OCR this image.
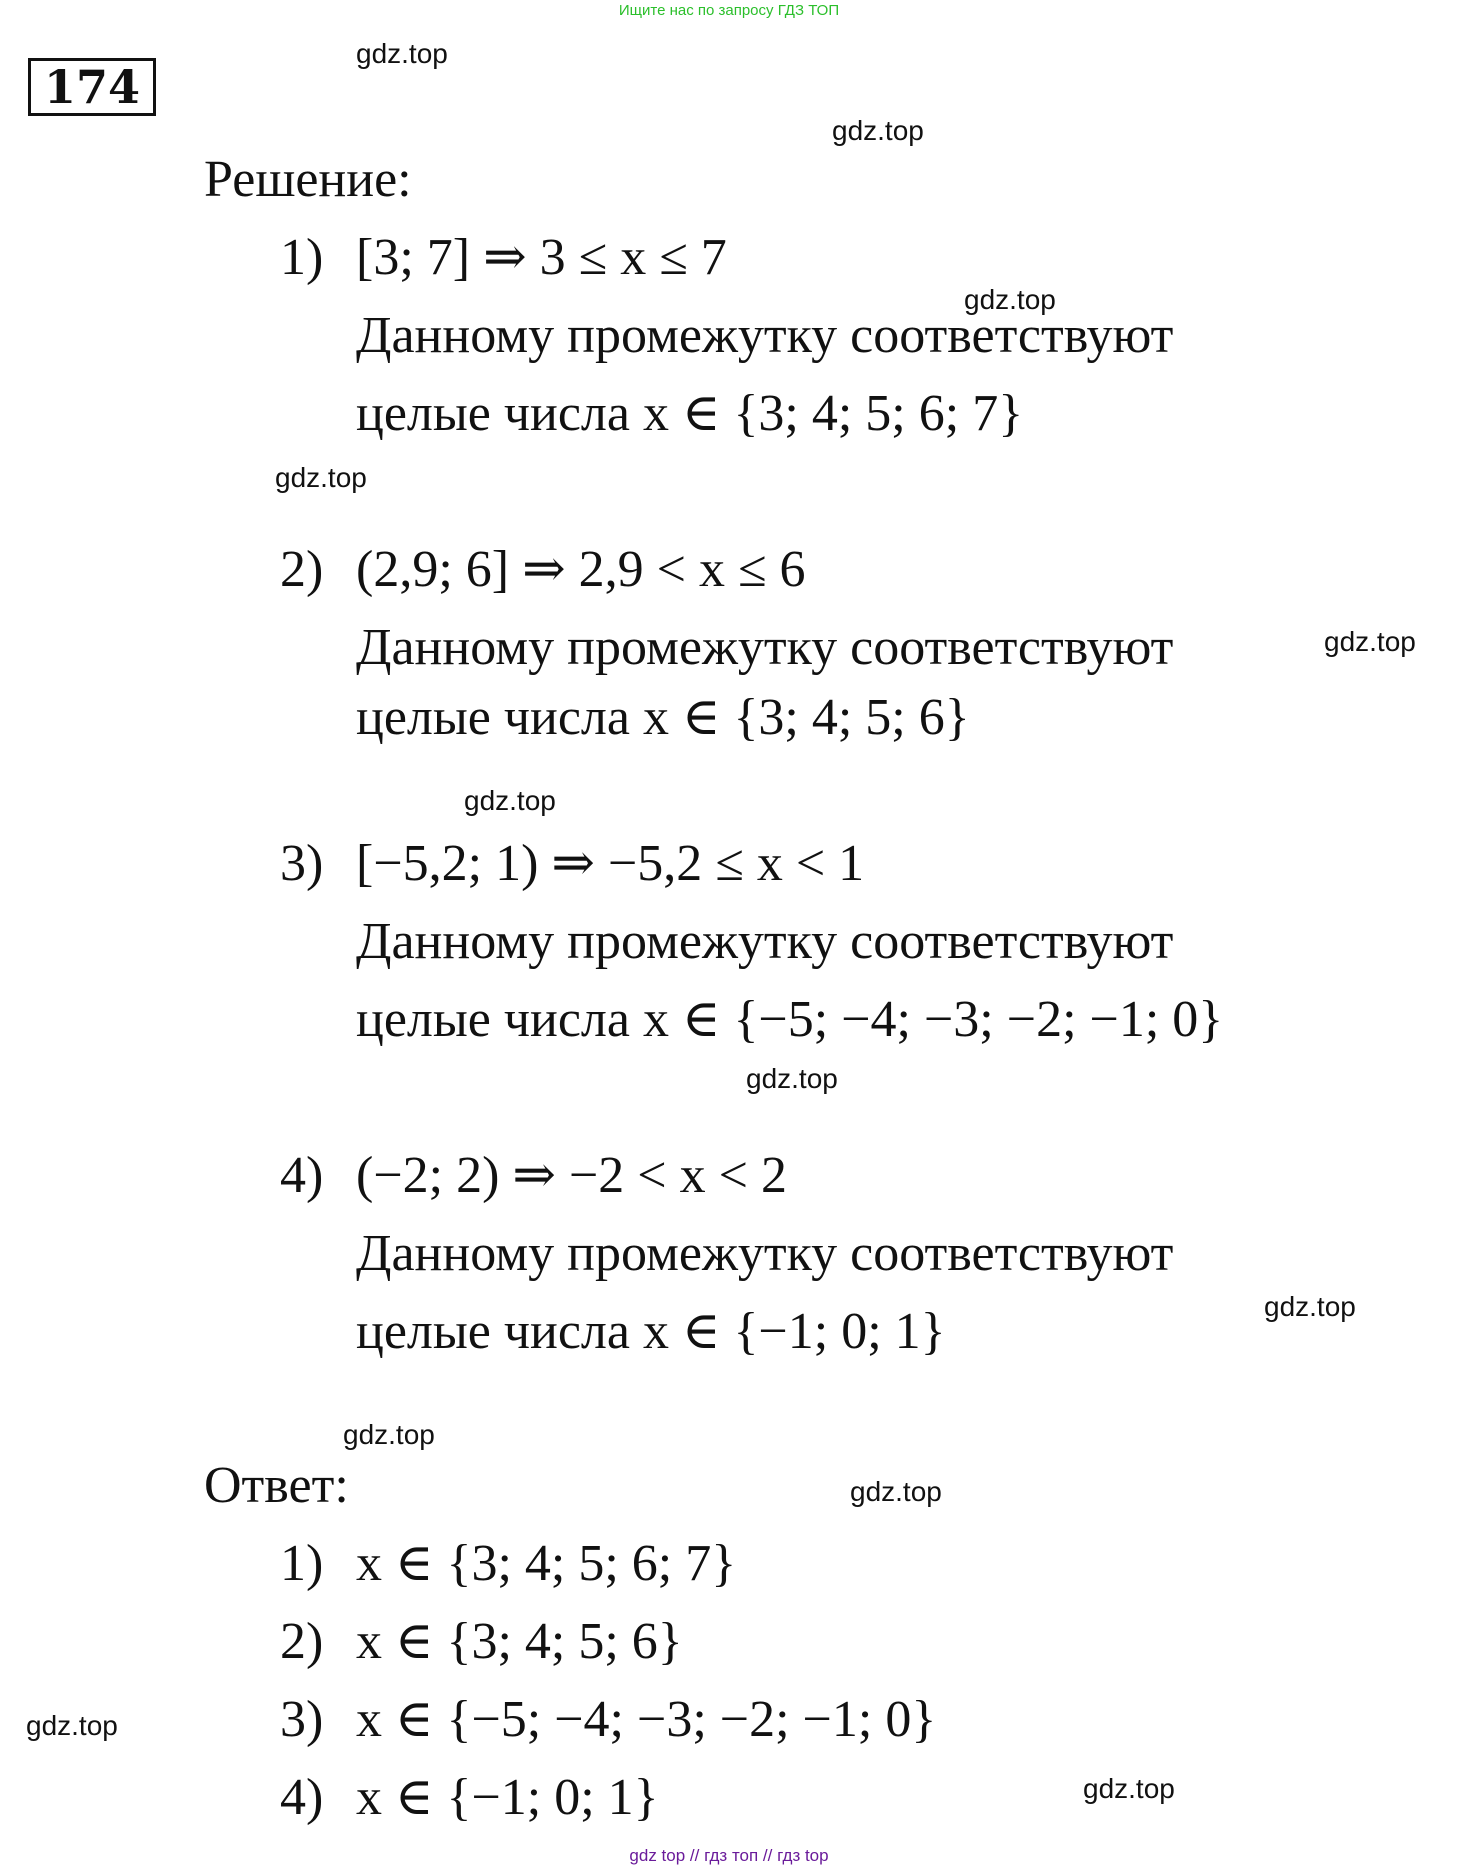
Ищите нас по запросу ГДЗ ТОП
174
gdz.top
gdz.top
gdz.top
gdz.top
gdz.top
gdz.top
gdz.top
gdz.top
gdz.top
gdz.top
gdz.top
gdz.top
Решение:
1) [3; 7] ⇒ 3 ≤ x ≤ 7
Данному промежутку соответствуют
целые числа x ∈ {3; 4; 5; 6; 7}
2) (2,9; 6] ⇒ 2,9 < x ≤ 6
Данному промежутку соответствуют
целые числа x ∈ {3; 4; 5; 6}
3) [−5,2; 1) ⇒ −5,2 ≤ x < 1
Данному промежутку соответствуют
целые числа x ∈ {−5; −4; −3; −2; −1; 0}
4) (−2; 2) ⇒ −2 < x < 2
Данному промежутку соответствуют
целые числа x ∈ {−1; 0; 1}
Ответ:
1) x ∈ {3; 4; 5; 6; 7}
2) x ∈ {3; 4; 5; 6}
3) x ∈ {−5; −4; −3; −2; −1; 0}
4) x ∈ {−1; 0; 1}
gdz top // гдз топ // гдз top
